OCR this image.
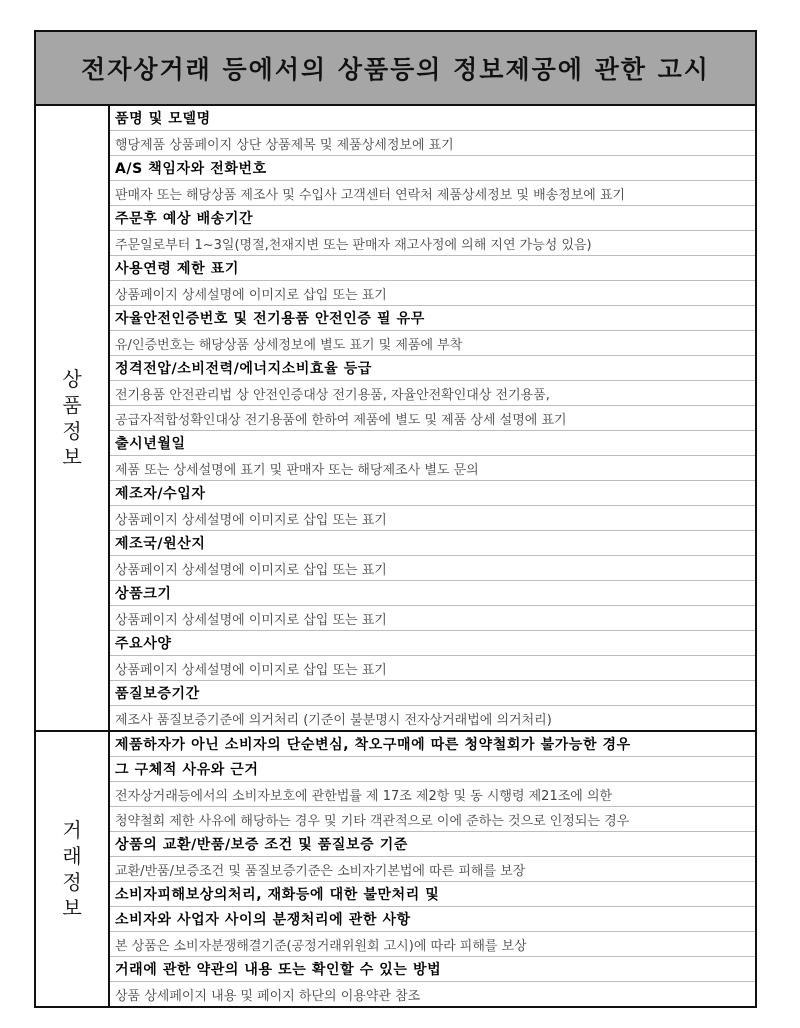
전자상거래 등에서의 상품등의 정보제공에 관한 고시
상품정보
품명 및 모델명
행당제품 상품페이지 상단 상품제목 및 제품상세정보에 표기
A/S 책임자와 전화번호
판매자 또는 해당상품 제조사 및 수입사 고객센터 연락처 제품상세정보 및 배송정보에 표기
주문후 예상 배송기간
주문일로부터 1~3일(명절,천재지변 또는 판매자 재고사정에 의해 지연 가능성 있음)
사용연령 제한 표기
상품페이지 상세설명에 이미지로 삽입 또는 표기
자율안전인증번호 및 전기용품 안전인증 필 유무
유/인증번호는 해당상품 상세정보에 별도 표기 및 제품에 부착
정격전압/소비전력/에너지소비효율 등급
전기용품 안전관리법 상 안전인증대상 전기용품, 자율안전확인대상 전기용품,
공급자적합성확인대상 전기용품에 한하여 제품에 별도 및 제품 상세 설명에 표기
출시년월일
제품 또는 상세설명에 표기 및 판매자 또는 해당제조사 별도 문의
제조자/수입자
상품페이지 상세설명에 이미지로 삽입 또는 표기
제조국/원산지
상품페이지 상세설명에 이미지로 삽입 또는 표기
상품크기
상품페이지 상세설명에 이미지로 삽입 또는 표기
주요사양
상품페이지 상세설명에 이미지로 삽입 또는 표기
품질보증기간
제조사 품질보증기준에 의거처리 (기준이 불분명시 전자상거래법에 의거처리)
거래정보
제품하자가 아닌 소비자의 단순변심, 착오구매에 따른 청약철회가 불가능한 경우
그 구체적 사유와 근거
전자상거래등에서의 소비자보호에 관한법률 제 17조 제2항 및 동 시행령 제21조에 의한
청약철회 제한 사유에 해당하는 경우 및 기타 객관적으로 이에 준하는 것으로 인정되는 경우
상품의 교환/반품/보증 조건 및 품질보증 기준
교환/반품/보증조건 및 품질보증기준은 소비자기본법에 따른 피해를 보장
소비자피해보상의처리, 재화등에 대한 불만처리 및
소비자와 사업자 사이의 분쟁처리에 관한 사항
본 상품은 소비자분쟁해결기준(공정거래위원회 고시)에 따라 피해를 보상
거래에 관한 약관의 내용 또는 확인할 수 있는 방법
상품 상세페이지 내용 및 페이지 하단의 이용약관 참조
